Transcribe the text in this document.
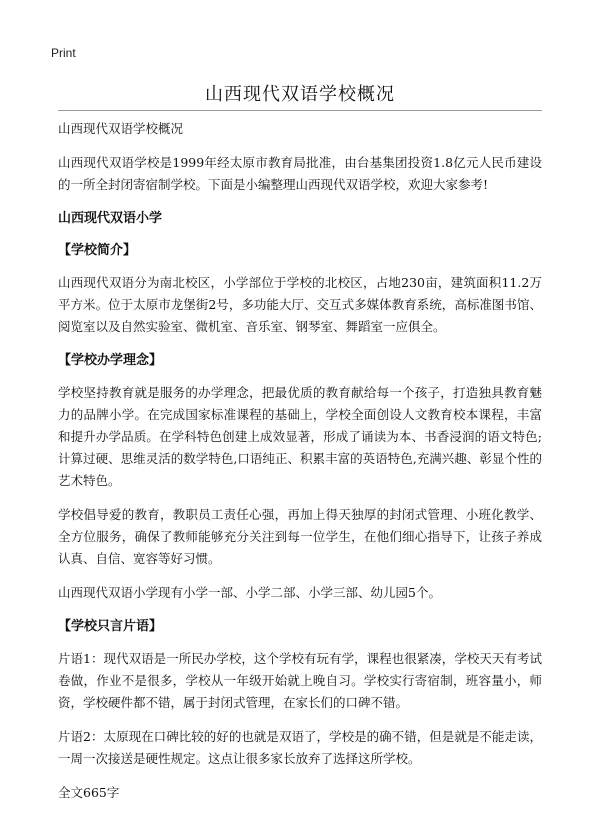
Print
山西现代双语学校概况

山西现代双语学校概况

山西现代双语学校是1999年经太原市教育局批准，由台基集团投资1.8亿元人民币建设的一所全封闭寄宿制学校。下面是小编整理山西现代双语学校，欢迎大家参考!

山西现代双语小学

【学校简介】

山西现代双语分为南北校区，小学部位于学校的北校区，占地230亩，建筑面积11.2万平方米。位于太原市龙堡街2号，多功能大厅、交互式多媒体教育系统，高标准图书馆、阅览室以及自然实验室、微机室、音乐室、钢琴室、舞蹈室一应俱全。

【学校办学理念】

学校坚持教育就是服务的办学理念，把最优质的教育献给每一个孩子，打造独具教育魅力的品牌小学。在完成国家标准课程的基础上，学校全面创设人文教育校本课程，丰富和提升办学品质。在学科特色创建上成效显著，形成了诵读为本、书香浸润的语文特色;计算过硬、思维灵活的数学特色,口语纯正、积累丰富的英语特色,充满兴趣、彰显个性的艺术特色。

学校倡导爱的教育，教职员工责任心强，再加上得天独厚的封闭式管理、小班化教学、全方位服务，确保了教师能够充分关注到每一位学生，在他们细心指导下，让孩子养成认真、自信、宽容等好习惯。

山西现代双语小学现有小学一部、小学二部、小学三部、幼儿园5个。

【学校只言片语】

片语1：现代双语是一所民办学校，这个学校有玩有学，课程也很紧凑，学校天天有考试卷做，作业不是很多，学校从一年级开始就上晚自习。学校实行寄宿制，班容量小，师资，学校硬件都不错，属于封闭式管理，在家长们的口碑不错。

片语2：太原现在口碑比较的好的也就是双语了，学校是的确不错，但是就是不能走读，一周一次接送是硬性规定。这点让很多家长放弃了选择这所学校。

全文665字
